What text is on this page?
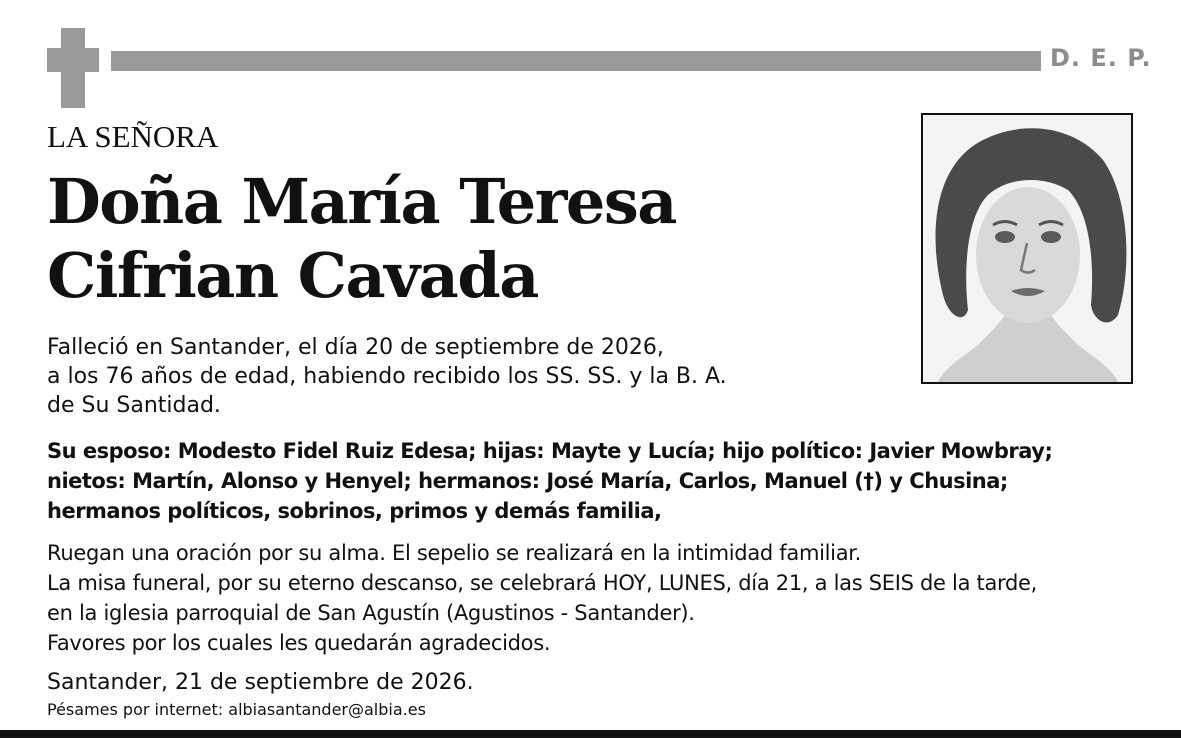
D. E. P.
LA SEÑORA
Doña María Teresa
Cifrian Cavada
Falleció en Santander, el día 20 de septiembre de 2026,
a los 76 años de edad, habiendo recibido los SS. SS. y la B. A.
de Su Santidad.
Su esposo: Modesto Fidel Ruiz Edesa; hijas: Mayte y Lucía; hijo político: Javier Mowbray;
nietos: Martín, Alonso y Henyel; hermanos: José María, Carlos, Manuel (†) y Chusina;
hermanos políticos, sobrinos, primos y demás familia,
Ruegan una oración por su alma. El sepelio se realizará en la intimidad familiar.
La misa funeral, por su eterno descanso, se celebrará HOY, LUNES, día 21, a las SEIS de la tarde,
en la iglesia parroquial de San Agustín (Agustinos - Santander).
Favores por los cuales les quedarán agradecidos.
Santander, 21 de septiembre de 2026.
Pésames por internet: albiasantander@albia.es
